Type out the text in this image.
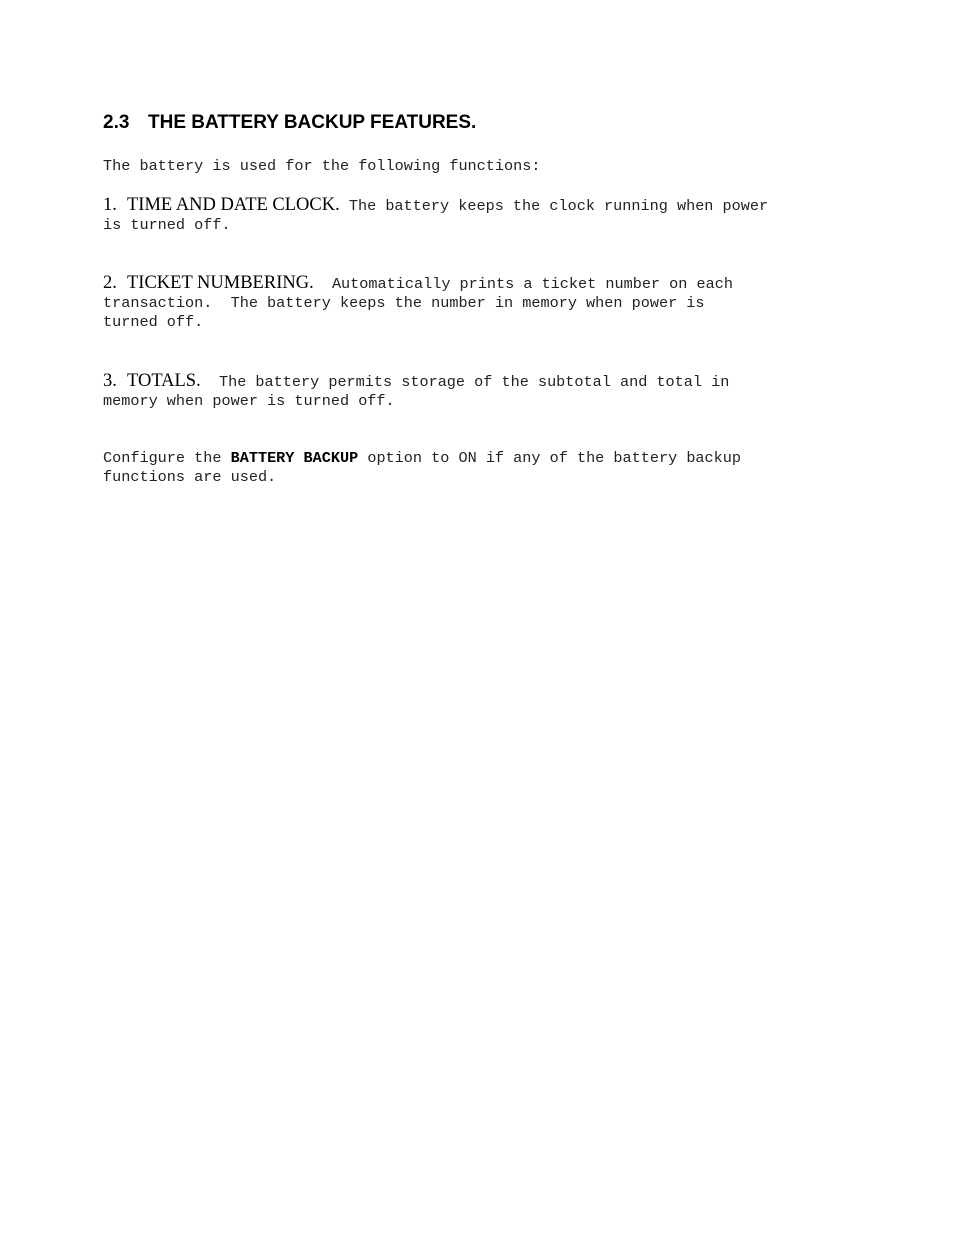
2.3 THE BATTERY BACKUP FEATURES.

The battery is used for the following functions:

1. TIME AND DATE CLOCK. The battery keeps the clock running when power
is turned off.

2. TICKET NUMBERING.  Automatically prints a ticket number on each
transaction.  The battery keeps the number in memory when power is
turned off.

3. TOTALS.  The battery permits storage of the subtotal and total in
memory when power is turned off.

Configure the BATTERY BACKUP option to ON if any of the battery backup
functions are used.
